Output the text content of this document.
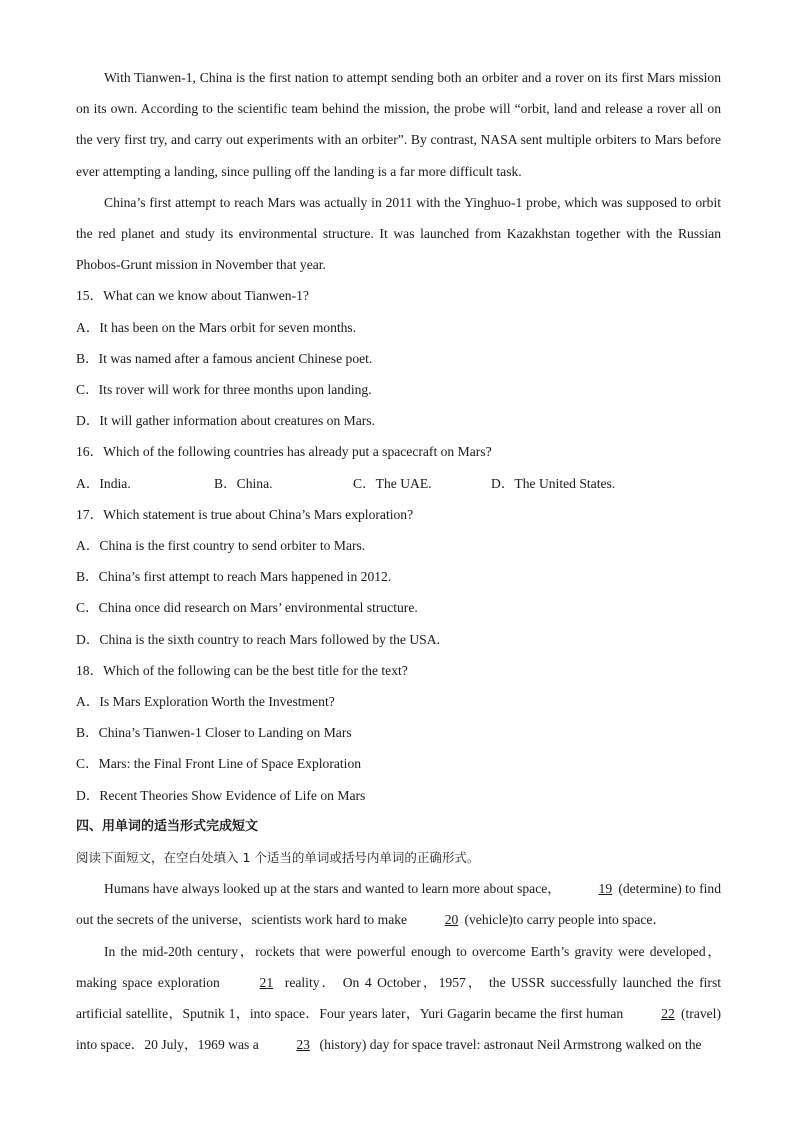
With Tianwen-1, China is the first nation to attempt sending both an orbiter and a rover on its first Mars mission on its own. According to the scientific team behind the mission, the probe will “orbit, land and release a rover all on the very first try, and carry out experiments with an orbiter”. By contrast, NASA sent multiple orbiters to Mars before ever attempting a landing, since pulling off the landing is a far more difficult task.

China’s first attempt to reach Mars was actually in 2011 with the Yinghuo-1 probe, which was supposed to orbit the red planet and study its environmental structure. It was launched from Kazakhstan together with the Russian Phobos-Grunt mission in November that year.

15．What can we know about Tianwen-1?

A．It has been on the Mars orbit for seven months.

B．It was named after a famous ancient Chinese poet.

C．Its rover will work for three months upon landing.

D．It will gather information about creatures on Mars.

16．Which of the following countries has already put a spacecraft on Mars?

A．India.	B．China.	C．The UAE.	D．The United States.

17．Which statement is true about China’s Mars exploration?

A．China is the first country to send orbiter to Mars.

B．China’s first attempt to reach Mars happened in 2012.

C．China once did research on Mars’ environmental structure.

D．China is the sixth country to reach Mars followed by the USA.

18．Which of the following can be the best title for the text?

A．Is Mars Exploration Worth the Investment?

B．China’s Tianwen-1 Closer to Landing on Mars

C．Mars: the Final Front Line of Space Exploration

D．Recent Theories Show Evidence of Life on Mars

四、用单词的适当形式完成短文

阅读下面短文，在空白处填入 1 个适当的单词或括号内单词的正确形式。

Humans have always looked up at the stars and wanted to learn more about space，	19 (determine) to find out the secrets of the universe，scientists work hard to make	20 (vehicle)to carry people into space．

In the mid-20th century，rockets that were powerful enough to overcome Earth’s gravity were developed，making space exploration	21 reality． On 4 October，1957， the USSR successfully launched the first artificial satellite，Sputnik 1，into space．Four years later，Yuri Gagarin became the first human	22 (travel) into space．20 July，1969 was a	23 (history) day for space travel: astronaut Neil Armstrong walked on the
